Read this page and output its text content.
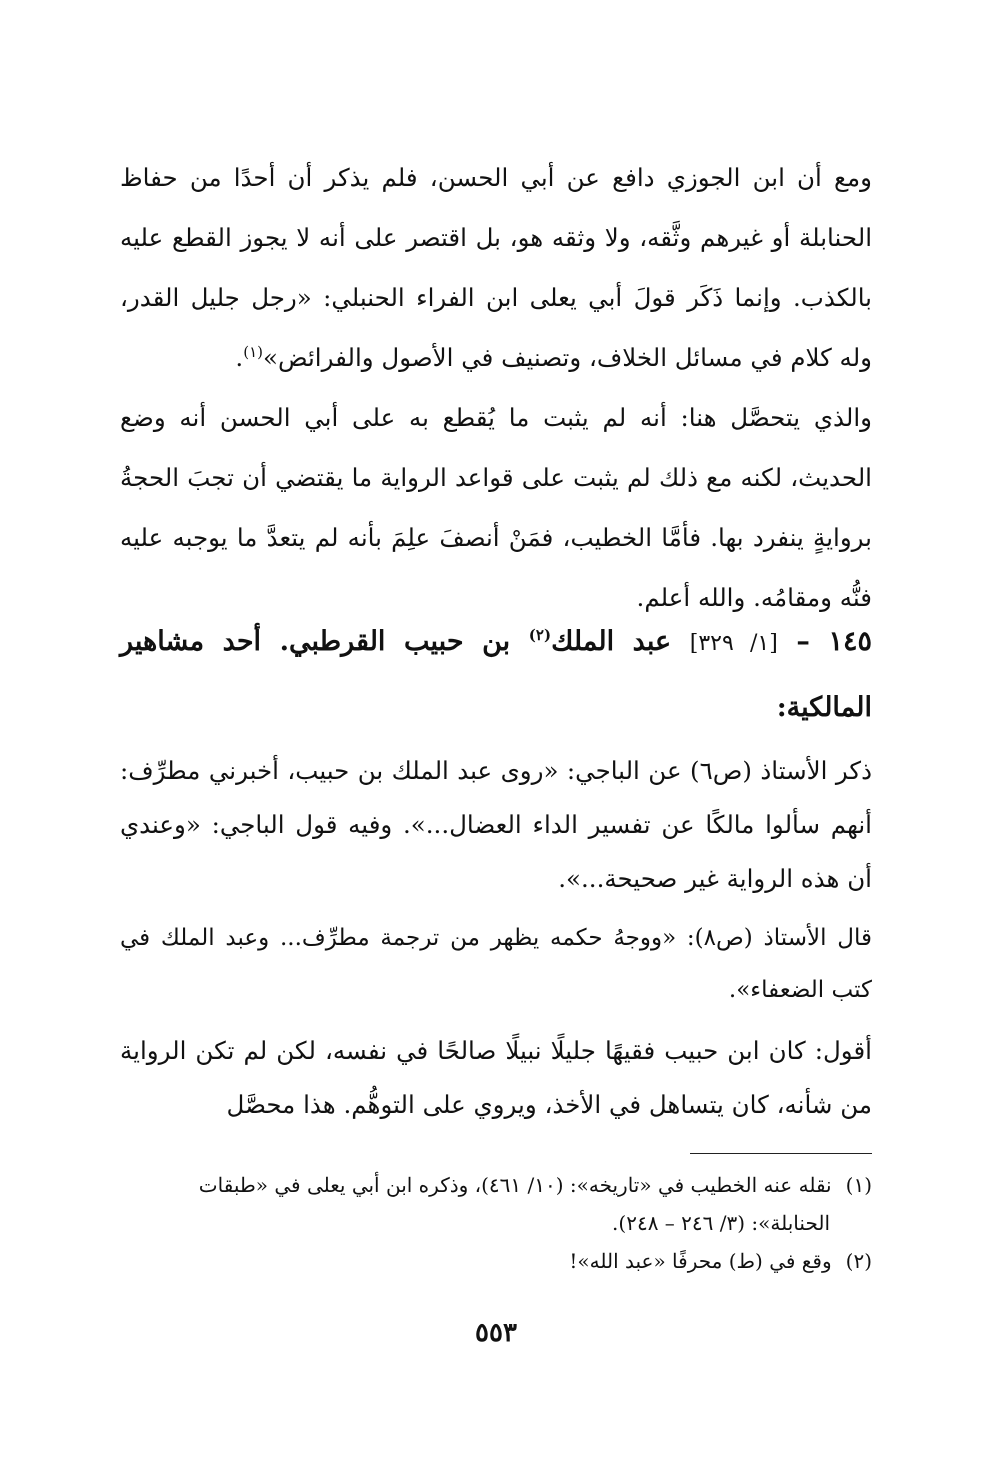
ومع أن ابن الجوزي دافع عن أبي الحسن، فلم يذكر أن أحدًا من حفاظ الحنابلة أو غيرهم وثَّقه، ولا وثقه هو، بل اقتصر على أنه لا يجوز القطع عليه بالكذب. وإنما ذَكَر قولَ أبي يعلى ابن الفراء الحنبلي: «رجل جليل القدر، وله كلام في مسائل الخلاف، وتصنيف في الأصول والفرائض»$^{(١)}$.

والذي يتحصَّل هنا: أنه لم يثبت ما يُقطع به على أبي الحسن أنه وضع الحديث، لكنه مع ذلك لم يثبت على قواعد الرواية ما يقتضي أن تجبَ الحجةُ بروايةٍ ينفرد بها. فأمَّا الخطيب، فمَنْ أنصفَ علِمَ بأنه لم يتعدَّ ما يوجبه عليه فنُّه ومقامُه. والله أعلم.

١٤٥ – [١/ ٣٢٩] عبد الملك$^{(٢)}$ بن حبيب القرطبي. أحد مشاهير المالكية:

ذكر الأستاذ (ص٦) عن الباجي: «روى عبد الملك بن حبيب، أخبرني مطرِّف: أنهم سألوا مالكًا عن تفسير الداء العضال...». وفيه قول الباجي: «وعندي أن هذه الرواية غير صحيحة...».

قال الأستاذ (ص٨): «ووجهُ حكمه يظهر من ترجمة مطرِّف... وعبد الملك في كتب الضعفاء».

أقول: كان ابن حبيب فقيهًا جليلًا نبيلًا صالحًا في نفسه، لكن لم تكن الرواية من شأنه، كان يتساهل في الأخذ، ويروي على التوهُّم. هذا محصَّل

(١) نقله عنه الخطيب في «تاريخه»: (١٠/ ٤٦١)، وذكره ابن أبي يعلى في «طبقات

الحنابلة»: (٣/ ٢٤٦ – ٢٤٨).

(٢) وقع في (ط) محرفًا «عبد الله»!

٥٥٣
